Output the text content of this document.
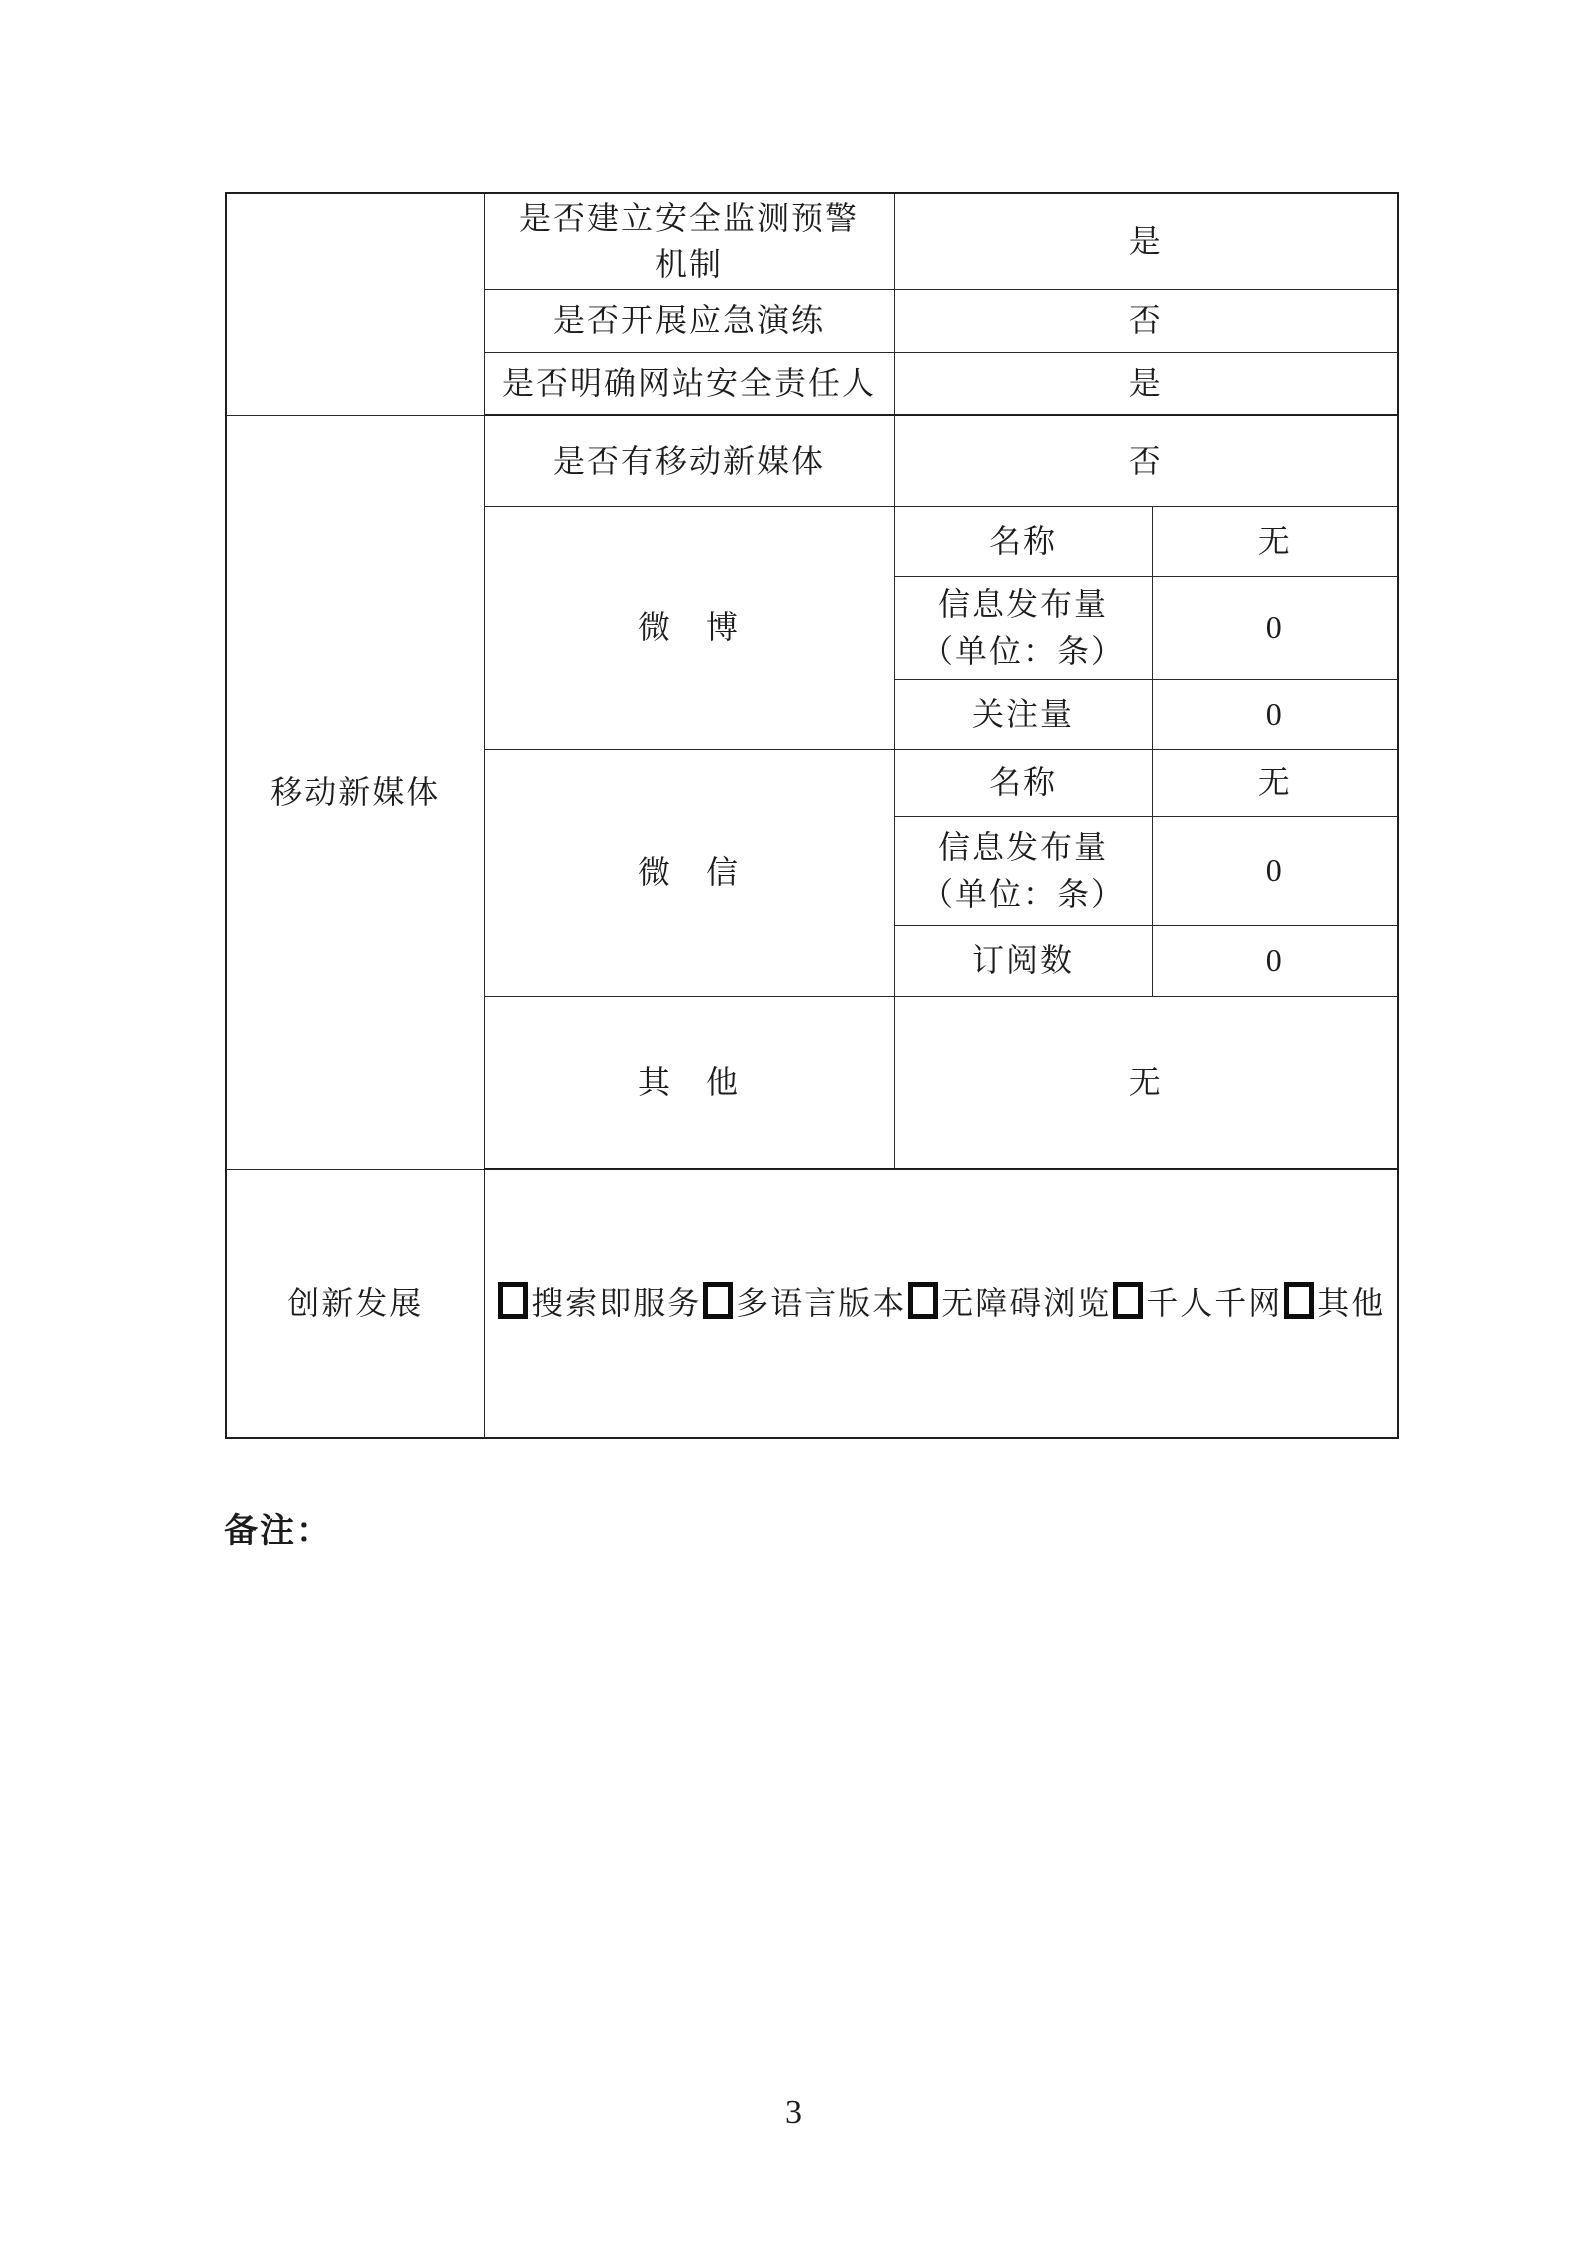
	是否建立安全监测预警
机制	是	
	是否开展应急演练	否	
	是否明确网站安全责任人	是	
移动新媒体	是否有移动新媒体	否	
	微　博	名称	无

		信息发布量
（单位：条）	0
		关注量	0
	微　信	名称	无

		信息发布量
（单位：条）	0
		订阅数	0
	其　他	无	
创新发展	搜索即服务 多语言版本 无障碍浏览 千人千网 其他		
备注：
3
